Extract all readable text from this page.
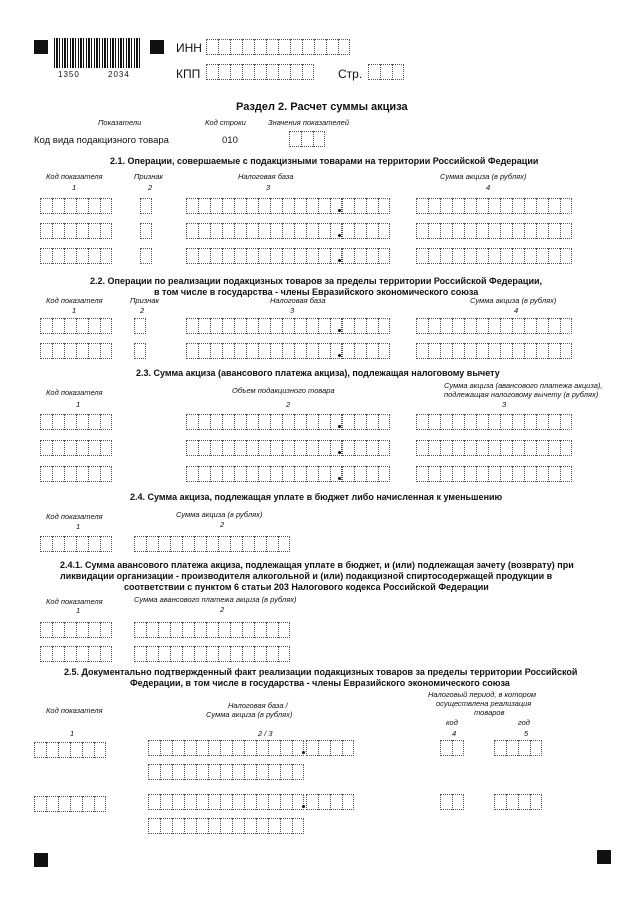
1350	2034
ИНН
КПП	Стр.
Раздел 2. Расчет суммы акциза
Показатели	Код строки	Значения показателей
Код вида подакцизного товара	010
2.1. Операции, совершаемые с подакцизными товарами на территории Российской Федерации
Код показателя	Признак	Налоговая база	Сумма акциза (в рублях)
1	2	3	4
2.2. Операции по реализации подакцизных товаров за пределы территории Российской Федерации,
в том числе в государства - члены Евразийского экономического союза
Код показателя	Признак	Налоговая база	Сумма акциза (в рублях)
1	2	3	4
2.3. Сумма акциза (авансового платежа акциза), подлежащая налоговому вычету
Код показателя	Объем подакцизного товара
Сумма акциза (авансового платежа акциза),
подлежащая налоговому вычету (в рублях)
1	2	3
2.4. Сумма акциза, подлежащая уплате в бюджет либо начисленная к уменьшению
Код показателя	Сумма акциза (в рублях)
1	2
2.4.1. Сумма авансового платежа акциза, подлежащая уплате в бюджет, и (или) подлежащая зачету (возврату) при
ликвидации организации - производителя алкогольной и (или) подакцизной спиртосодержащей продукции в
соответствии с пунктом 6 статьи 203 Налогового кодекса Российской Федерации
Код показателя	Сумма авансового платежа акциза (в рублях)
1	2
2.5. Документально подтвержденный факт реализации подакцизных товаров за пределы территории Российской
Федерации, в том числе в государства - члены Евразийского экономического союза
Налоговый период, в котором
осуществлена реализация
товаров
Код показателя
Налоговая база /
Сумма акциза (в рублях)
код	год
1	2 / 3	4	5
